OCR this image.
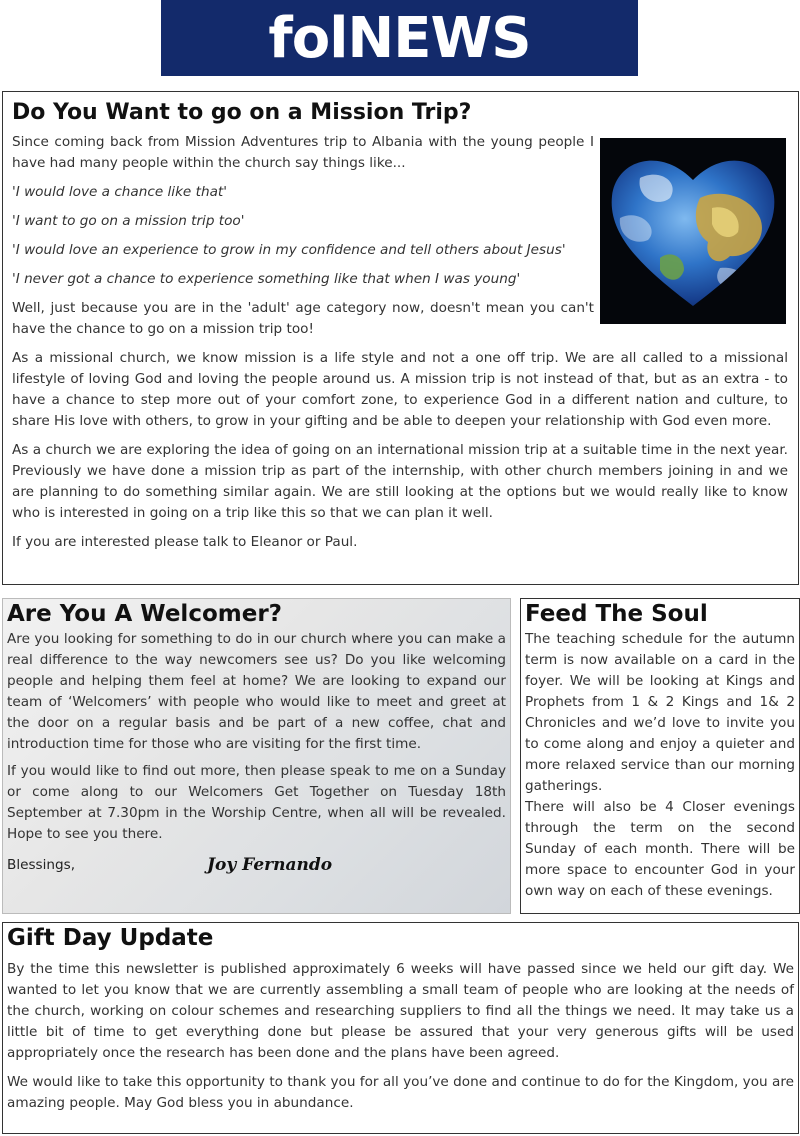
folNEWS
Do You Want to go on a Mission Trip?

Since coming back from Mission Adventures trip to Albania with the young people I have had many people within the church say things like...

'I would love a chance like that'

'I want to go on a mission trip too'

'I would love an experience to grow in my confidence and tell others about Jesus'

'I never got a chance to experience something like that when I was young'

Well, just because you are in the 'adult' age category now, doesn't mean you can't have the chance to go on a mission trip too!

As a missional church, we know mission is a life style and not a one off trip. We are all called to a missional lifestyle of loving God and loving the people around us. A mission trip is not instead of that, but as an extra - to have a chance to step more out of your comfort zone, to experience God in a different nation and culture, to share His love with others, to grow in your gifting and be able to deepen your relationship with God even more.

As a church we are exploring the idea of going on an international mission trip at a suitable time in the next year. Previously we have done a mission trip as part of the internship, with other church members joining in and we are planning to do something similar again. We are still looking at the options but we would really like to know who is interested in going on a trip like this so that we can plan it well.

If you are interested please talk to Eleanor or Paul.

Are You A Welcomer?

Are you looking for something to do in our church where you can make a real difference to the way newcomers see us? Do you like welcoming people and helping them feel at home? We are looking to expand our team of ‘Welcomers’ with people who would like to meet and greet at the door on a regular basis and be part of a new coffee, chat and introduction time for those who are visiting for the first time.

If you would like to find out more, then please speak to me on a Sunday or come along to our Welcomers Get Together on Tuesday 18th September at 7.30pm in the Worship Centre, when all will be revealed. Hope to see you there.

Blessings,	Joy Fernando
Feed The Soul

The teaching schedule for the autumn term is now available on a card in the foyer. We will be looking at Kings and Prophets from 1 & 2 Kings and 1& 2 Chronicles and we’d love to invite you to come along and enjoy a quieter and more relaxed service than our morning gatherings.

There will also be 4 Closer evenings through the term on the second Sunday of each month. There will be more space to encounter God in your own way on each of these evenings.

Gift Day Update

By the time this newsletter is published approximately 6 weeks will have passed since we held our gift day. We wanted to let you know that we are currently assembling a small team of people who are looking at the needs of the church, working on colour schemes and researching suppliers to find all the things we need. It may take us a little bit of time to get everything done but please be assured that your very generous gifts will be used appropriately once the research has been done and the plans have been agreed.

We would like to take this opportunity to thank you for all you’ve done and continue to do for the Kingdom, you are amazing people. May God bless you in abundance.
